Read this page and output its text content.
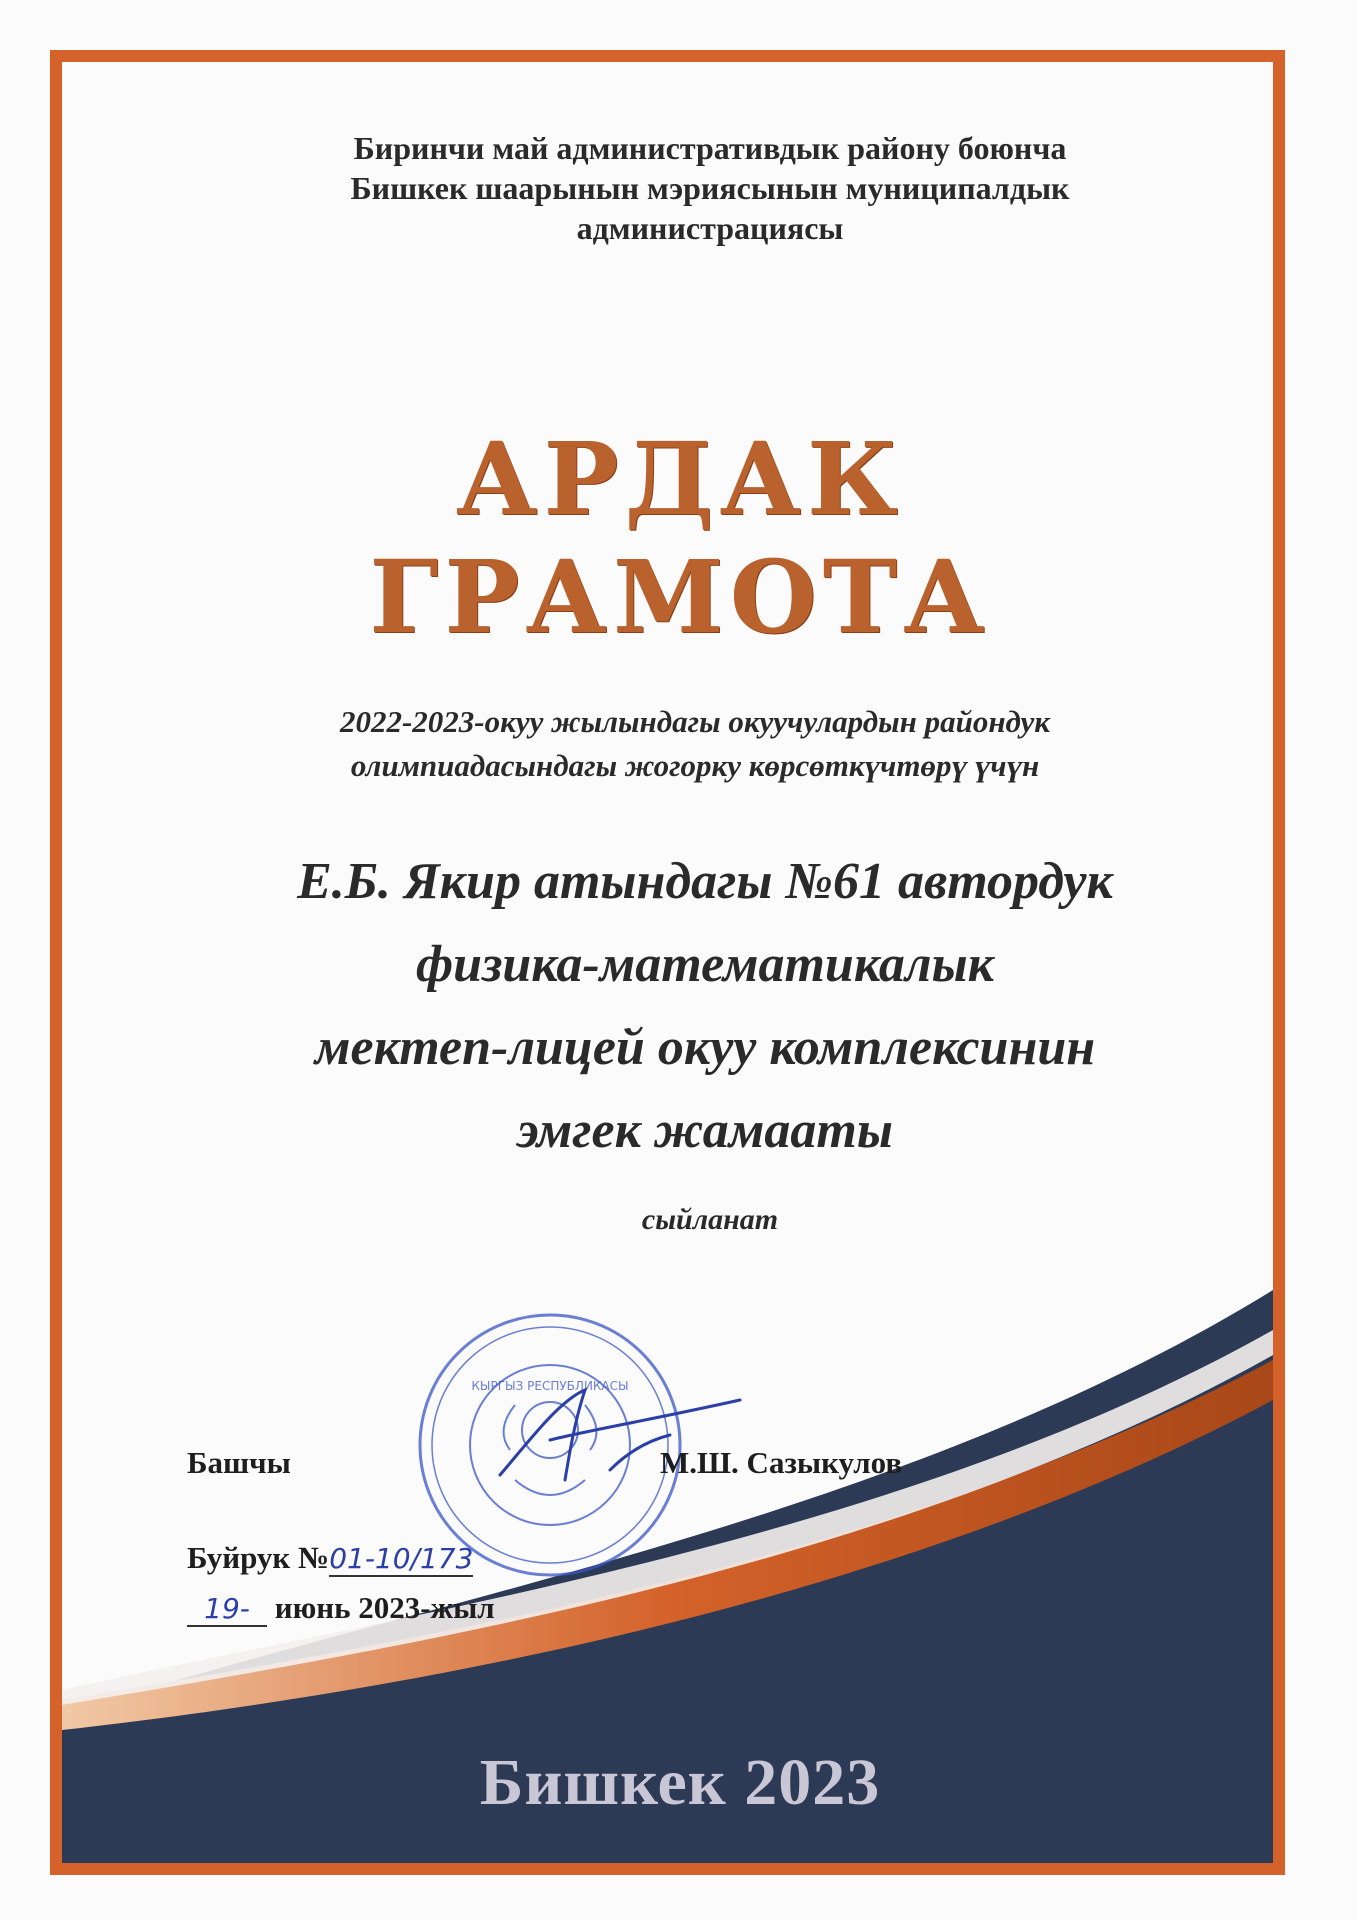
Биринчи май административдык району боюнча
Бишкек шаарынын мэриясынын муниципалдык
администрациясы
АРДАК ГРАМОТА
2022-2023-окуу жылындагы окуучулардын райондук
олимпиадасындагы жогорку көрсөткүчтөрү үчүн
Е.Б. Якир атындагы №61 автордук
физика-математикалык
мектеп-лицей окуу комплексинин
эмгек жамааты
сыйланат
КЫРГЫЗ РЕСПУБЛИКАСЫ
Башчы	М.Ш. Сазыкулов
Буйрук №01-10/173
19- июнь 2023-жыл
Бишкек 2023
